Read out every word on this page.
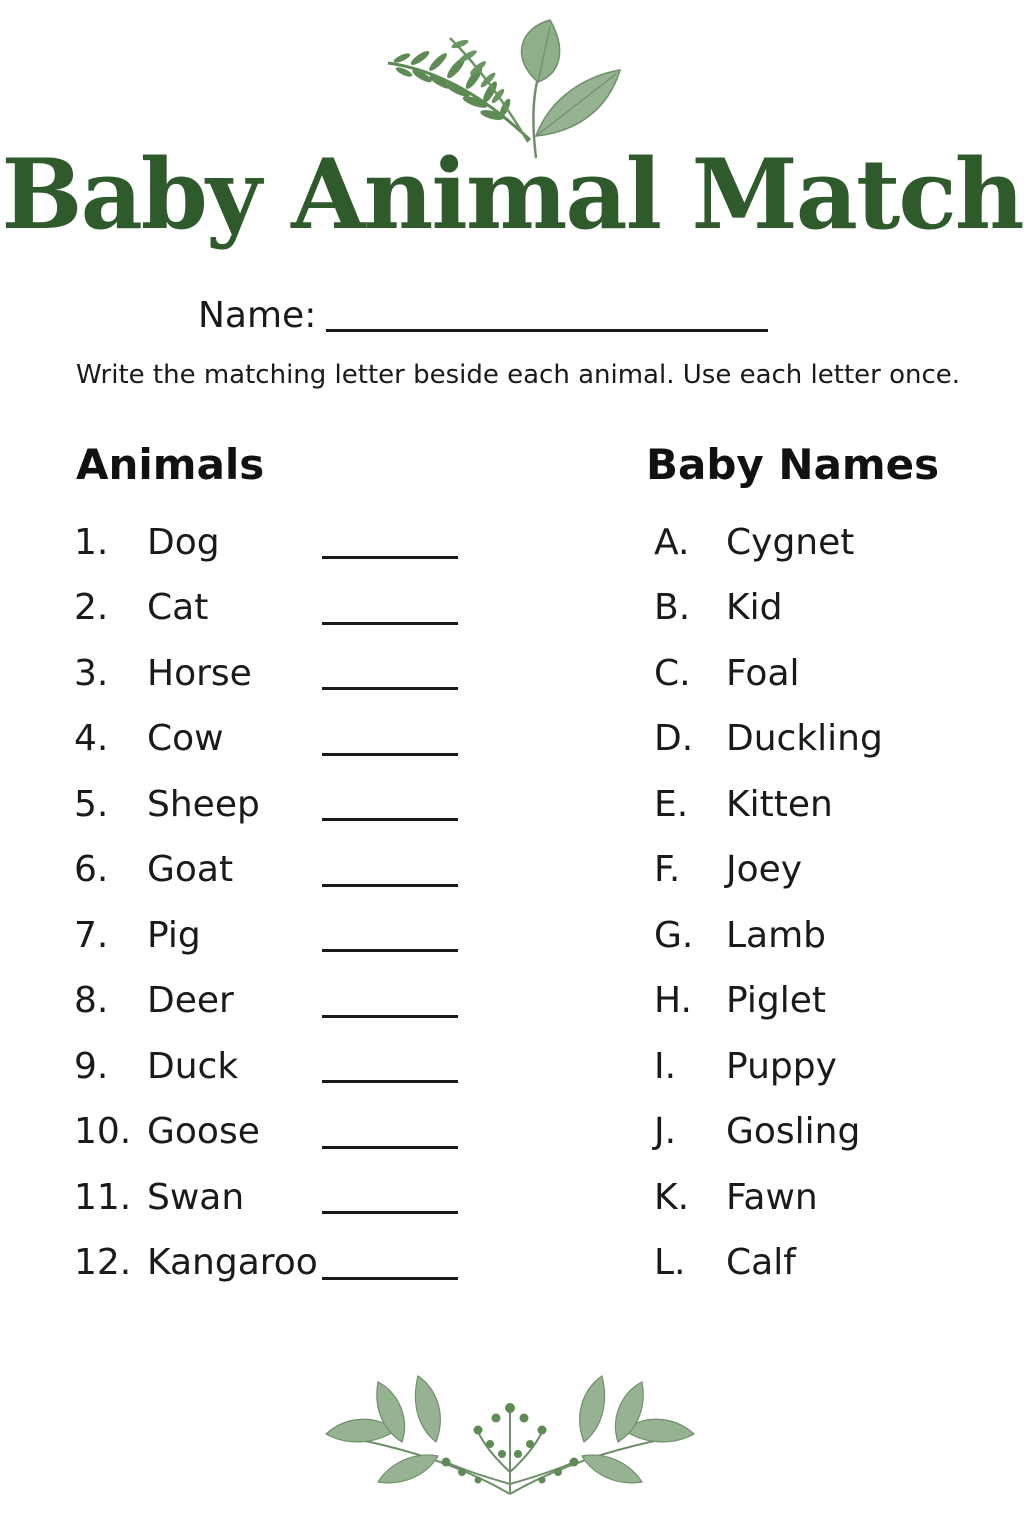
Baby Animal Match
Name:
Write the matching letter beside each animal. Use each letter once.
Animals	Baby Names
1.	Dog
2.	Cat
3.	Horse
4.	Cow
5.	Sheep
6.	Goat
7.	Pig
8.	Deer
9.	Duck
10. Goose
11. Swan
12. Kangaroo
A.	Cygnet
B. Kid
C. Foal
D. Duckling
E.	Kitten
F.	Joey
G. Lamb
H. Piglet
I.	Puppy
J.	Gosling
K.	Fawn
L.	Calf
